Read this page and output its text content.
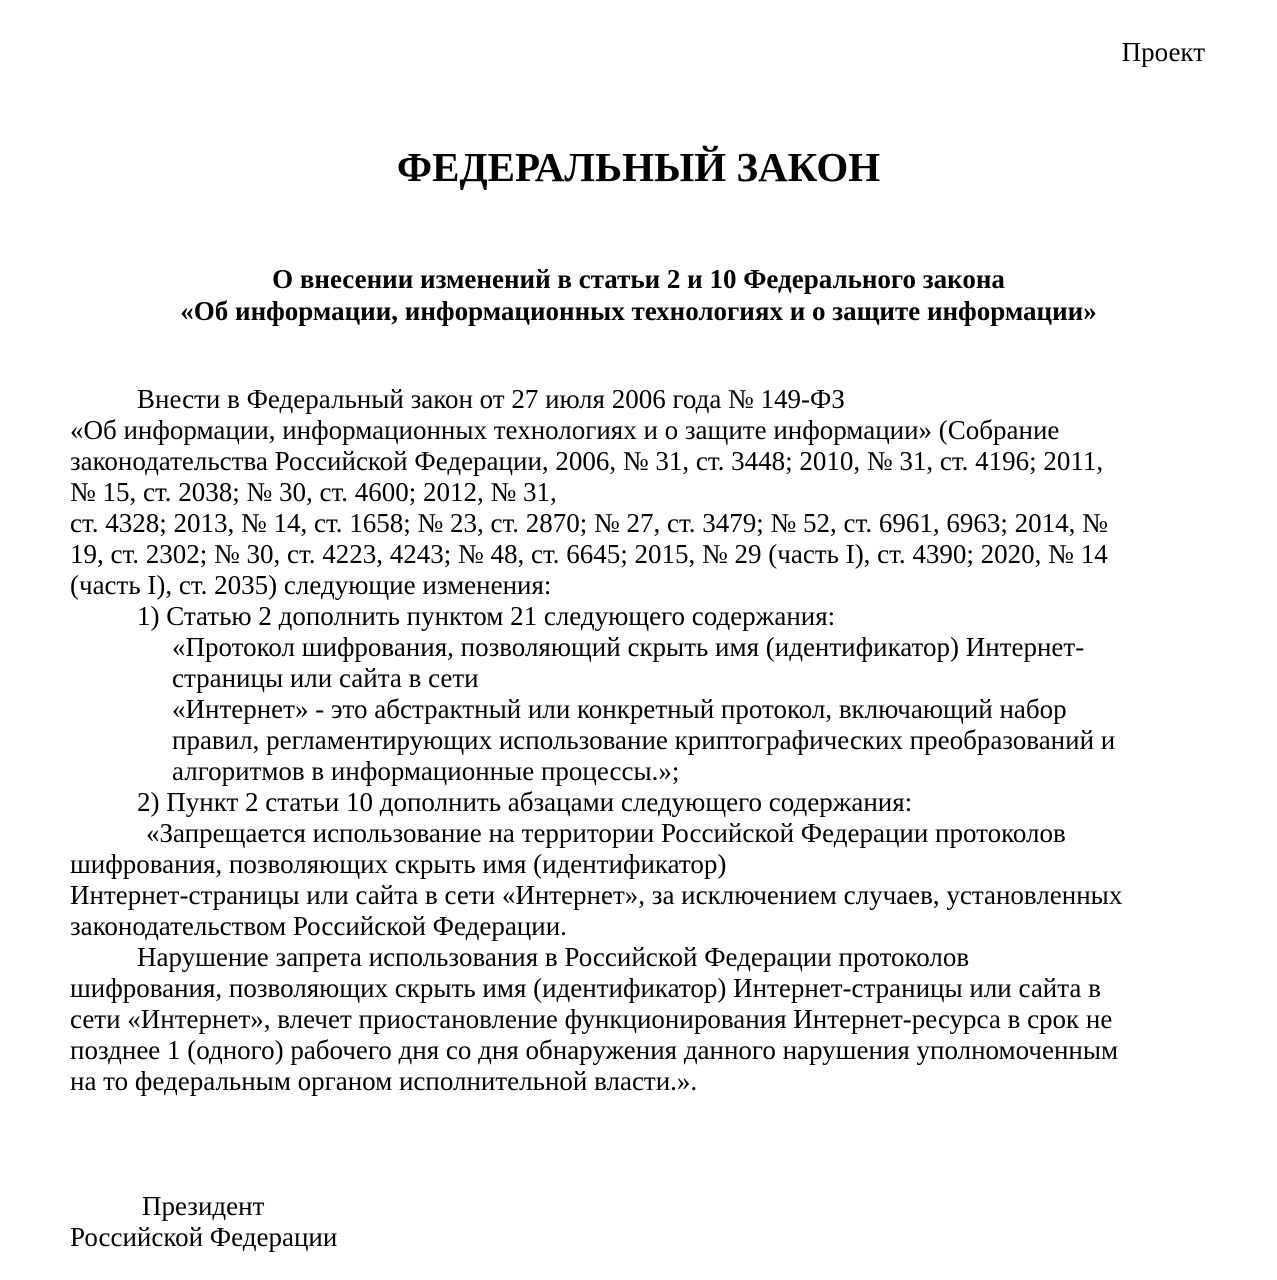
Проект
ФЕДЕРАЛЬНЫЙ ЗАКОН
О внесении изменений в статьи 2 и 10 Федерального закона
«Об информации, информационных технологиях и о защите информации»
Внести в Федеральный закон от 27 июля 2006 года № 149-ФЗ
«Об информации, информационных технологиях и о защите информации» (Собрание
законодательства Российской Федерации, 2006, № 31, ст. 3448; 2010, № 31, ст. 4196; 2011,
№ 15, ст. 2038; № 30, ст. 4600; 2012, № 31,
ст. 4328; 2013, № 14, ст. 1658; № 23, ст. 2870; № 27, ст. 3479; № 52, ст. 6961, 6963; 2014, №
19, ст. 2302; № 30, ст. 4223, 4243; № 48, ст. 6645; 2015, № 29 (часть I), ст. 4390; 2020, № 14
(часть I), ст. 2035) следующие изменения:
1) Статью 2 дополнить пунктом 21 следующего содержания:
«Протокол шифрования, позволяющий скрыть имя (идентификатор) Интернет-
страницы или сайта в сети
«Интернет» - это абстрактный или конкретный протокол, включающий набор
правил, регламентирующих использование криптографических преобразований и
алгоритмов в информационные процессы.»;
2) Пункт 2 статьи 10 дополнить абзацами следующего содержания:
«Запрещается использование на территории Российской Федерации протоколов
шифрования, позволяющих скрыть имя (идентификатор)
Интернет-страницы или сайта в сети «Интернет», за исключением случаев, установленных
законодательством Российской Федерации.
Нарушение запрета использования в Российской Федерации протоколов
шифрования, позволяющих скрыть имя (идентификатор) Интернет-страницы или сайта в
сети «Интернет», влечет приостановление функционирования Интернет-ресурса в срок не
позднее 1 (одного) рабочего дня со дня обнаружения данного нарушения уполномоченным
на то федеральным органом исполнительной власти.».
Президент
Российской Федерации
